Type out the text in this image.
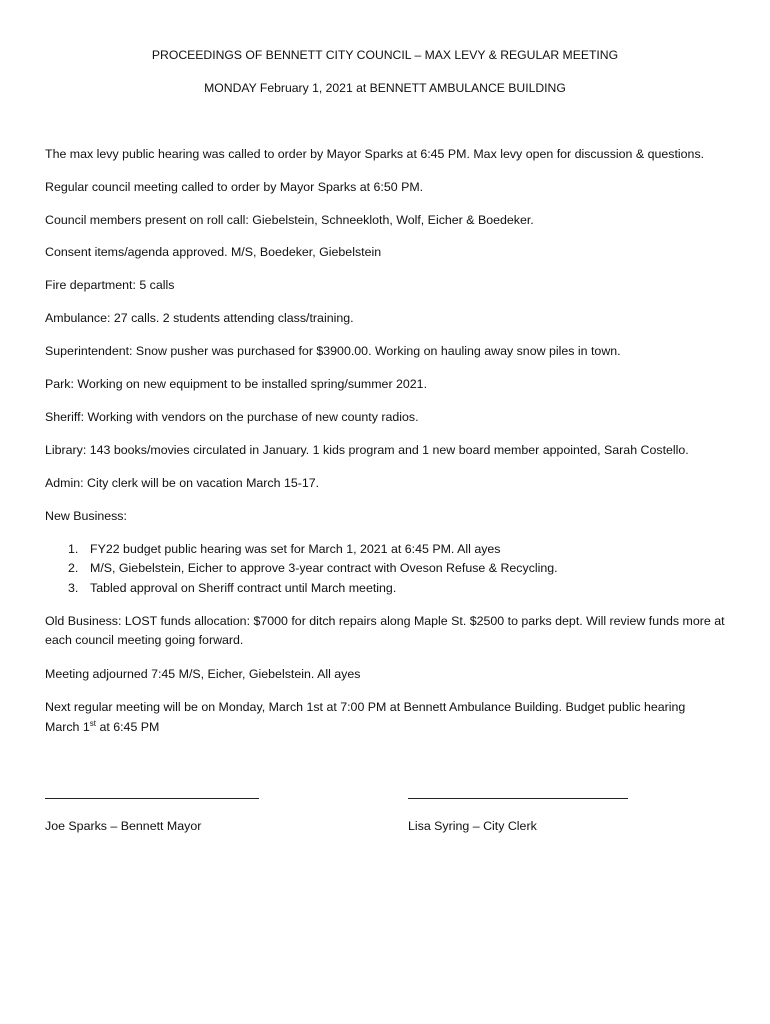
PROCEEDINGS OF BENNETT CITY COUNCIL – MAX LEVY & REGULAR MEETING
MONDAY February 1, 2021 at BENNETT AMBULANCE BUILDING

The max levy public hearing was called to order by Mayor Sparks at 6:45 PM. Max levy open for discussion & questions.

Regular council meeting called to order by Mayor Sparks at 6:50 PM.

Council members present on roll call: Giebelstein, Schneekloth, Wolf, Eicher & Boedeker.

Consent items/agenda approved. M/S, Boedeker, Giebelstein

Fire department: 5 calls

Ambulance: 27 calls. 2 students attending class/training.

Superintendent: Snow pusher was purchased for $3900.00. Working on hauling away snow piles in town.

Park: Working on new equipment to be installed spring/summer 2021.

Sheriff: Working with vendors on the purchase of new county radios.

Library: 143 books/movies circulated in January. 1 kids program and 1 new board member appointed, Sarah Costello.

Admin: City clerk will be on vacation March 15-17.

New Business:

1. FY22 budget public hearing was set for March 1, 2021 at 6:45 PM. All ayes
2. M/S, Giebelstein, Eicher to approve 3-year contract with Oveson Refuse & Recycling.
3. Tabled approval on Sheriff contract until March meeting.

Old Business: LOST funds allocation: $7000 for ditch repairs along Maple St. $2500 to parks dept. Will review funds more at each council meeting going forward.

Meeting adjourned 7:45 M/S, Eicher, Giebelstein. All ayes

Next regular meeting will be on Monday, March 1st at 7:00 PM at Bennett Ambulance Building. Budget public hearing

March 1st at 6:45 PM

Joe Sparks – Bennett Mayor	Lisa Syring – City Clerk
